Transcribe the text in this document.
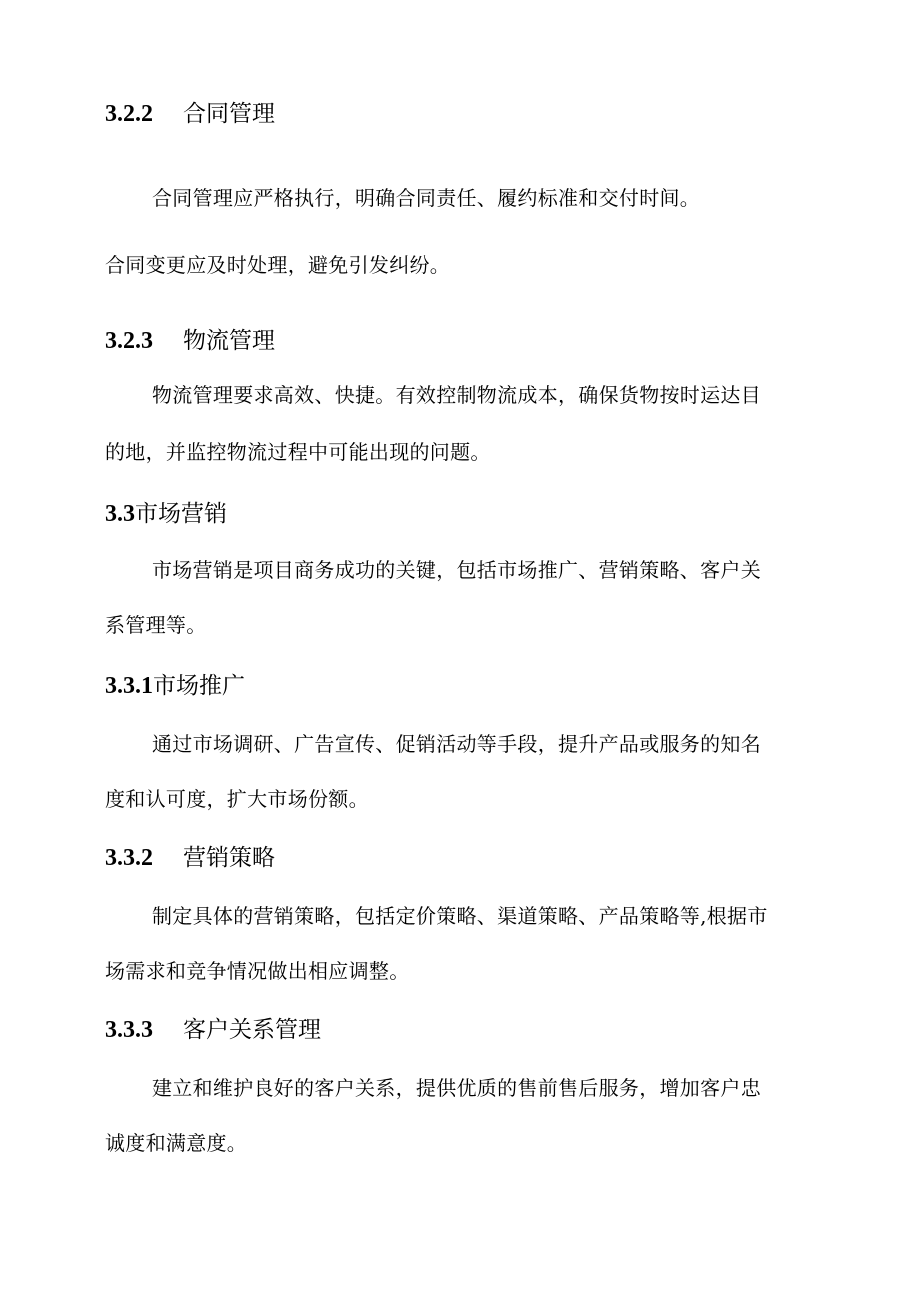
3.2.2 合同管理
合同管理应严格执行，明确合同责任、履约标准和交付时间。
合同变更应及时处理，避免引发纠纷。
3.2.3 物流管理
物流管理要求高效、快捷。有效控制物流成本，确保货物按时运达目
的地，并监控物流过程中可能出现的问题。
3.3市场营销
市场营销是项目商务成功的关键，包括市场推广、营销策略、客户关
系管理等。
3.3.1市场推广
通过市场调研、广告宣传、促销活动等手段，提升产品或服务的知名
度和认可度，扩大市场份额。
3.3.2 营销策略
制定具体的营销策略，包括定价策略、渠道策略、产品策略等,根据市
场需求和竞争情况做出相应调整。
3.3.3 客户关系管理
建立和维护良好的客户关系，提供优质的售前售后服务，增加客户忠
诚度和满意度。
